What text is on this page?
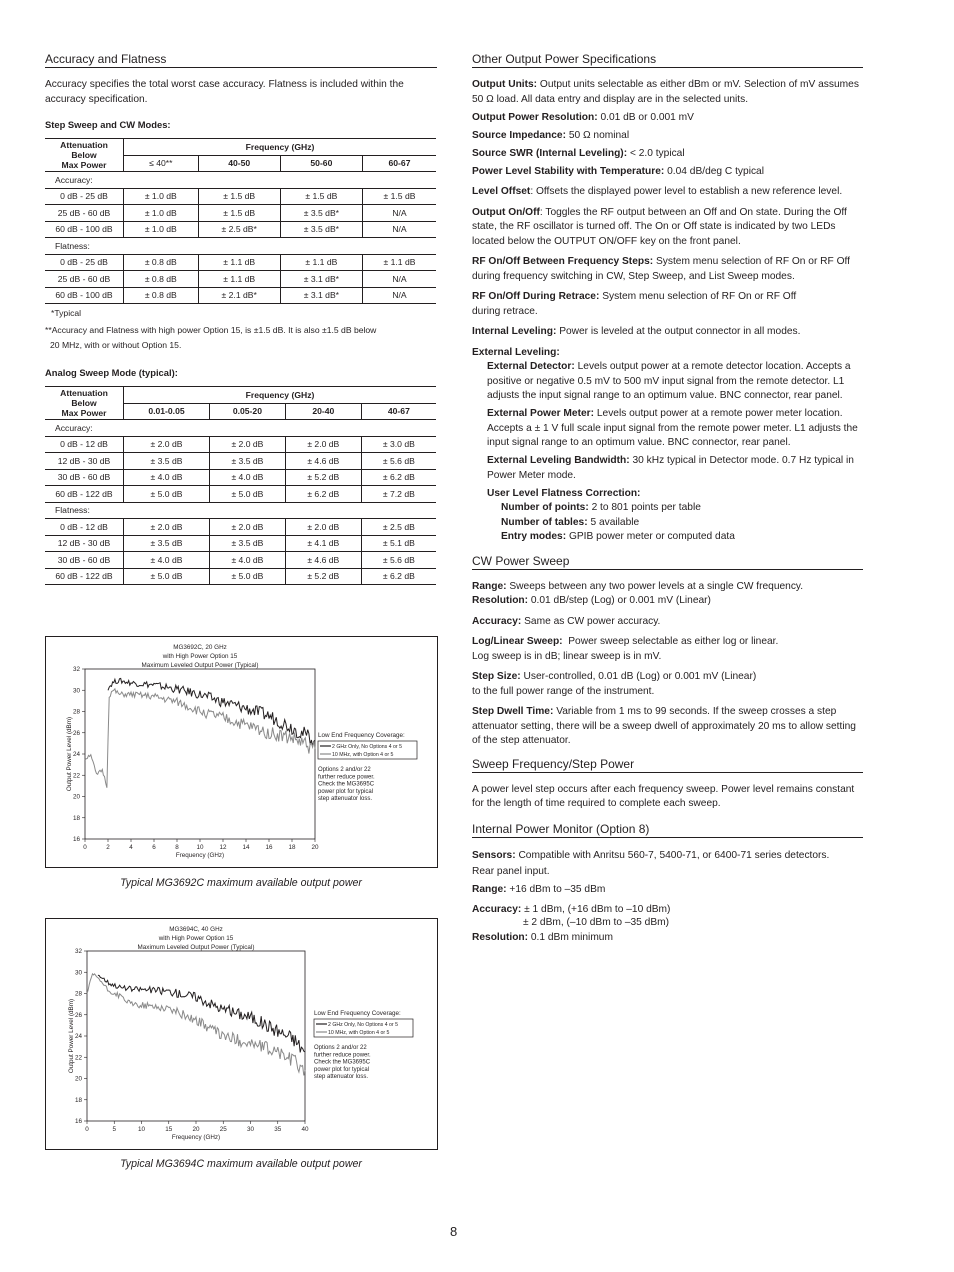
Accuracy and Flatness

Accuracy specifies the total worst case accuracy. Flatness is included within the accuracy specification.

Step Sweep and CW Modes:
Attenuation
Below
Max Power	Frequency (GHz)			
	≤ 40**	40-50	50-60	60-67
Accuracy:				
0 dB - 25 dB	± 1.0 dB	± 1.5 dB	± 1.5 dB	± 1.5 dB
25 dB - 60 dB	± 1.0 dB	± 1.5 dB	± 3.5 dB*	N/A
60 dB - 100 dB	± 1.0 dB	± 2.5 dB*	± 3.5 dB*	N/A
Flatness:				
0 dB - 25 dB	± 0.8 dB	± 1.1 dB	± 1.1 dB	± 1.1 dB
25 dB - 60 dB	± 0.8 dB	± 1.1 dB	± 3.1 dB*	N/A
60 dB - 100 dB	± 0.8 dB	± 2.1 dB*	± 3.1 dB*	N/A
*Typical
**Accuracy and Flatness with high power Option 15, is ±1.5 dB. It is also ±1.5 dB below
20 MHz, with or without Option 15.
Analog Sweep Mode (typical):
Attenuation
Below
Max Power	Frequency (GHz)			
	0.01-0.05	0.05-20	20-40	40-67
Accuracy:				
0 dB - 12 dB	± 2.0 dB	± 2.0 dB	± 2.0 dB	± 3.0 dB
12 dB - 30 dB	± 3.5 dB	± 3.5 dB	± 4.6 dB	± 5.6 dB
30 dB - 60 dB	± 4.0 dB	± 4.0 dB	± 5.2 dB	± 6.2 dB
60 dB - 122 dB	± 5.0 dB	± 5.0 dB	± 6.2 dB	± 7.2 dB
Flatness:				
0 dB - 12 dB	± 2.0 dB	± 2.0 dB	± 2.0 dB	± 2.5 dB
12 dB - 30 dB	± 3.5 dB	± 3.5 dB	± 4.1 dB	± 5.1 dB
30 dB - 60 dB	± 4.0 dB	± 4.0 dB	± 4.6 dB	± 5.6 dB
60 dB - 122 dB	± 5.0 dB	± 5.0 dB	± 5.2 dB	± 6.2 dB
MG3692C, 20 GHz
with High Power Option 15
Maximum Leveled Output Power (Typical)
32
30
28
26
24
22
20
18
16
0	2	4	6	8	10	12	14	16	18	20
Frequency (GHz)
Output Power Level (dBm)	Low End Frequency Coverage:
2 GHz Only, No Options 4 or 5
10 MHz, with Option 4 or 5
Options 2 and/or 22
further reduce power.
Check the MG3695C
power plot for typical
step attenuator loss.
Typical MG3692C maximum available output power
MG3694C, 40 GHz
with High Power Option 15
Maximum Leveled Output Power (Typical)
32
30
28
26
24
22
20
18
16
0	5	10	15	20	25	30	35	40
Frequency (GHz)
Output Power Level (dBm)	Low End Frequency Coverage:
2 GHz Only, No Options 4 or 5
10 MHz, with Option 4 or 5
Options 2 and/or 22
further reduce power.
Check the MG3695C
power plot for typical
step attenuator loss.
Typical MG3694C maximum available output power
Other Output Power Specifications

Output Units: Output units selectable as either dBm or mV. Selection of mV assumes 50 Ω load. All data entry and display are in the selected units.

Output Power Resolution: 0.01 dB or 0.001 mV

Source Impedance: 50 Ω nominal

Source SWR (Internal Leveling): < 2.0 typical

Power Level Stability with Temperature: 0.04 dB/deg C typical

Level Offset: Offsets the displayed power level to establish a new reference level.

Output On/Off: Toggles the RF output between an Off and On state. During the Off state, the RF oscillator is turned off. The On or Off state is indicated by two LEDs located below the OUTPUT ON/OFF key on the front panel.

RF On/Off Between Frequency Steps: System menu selection of RF On or RF Off during frequency switching in CW, Step Sweep, and List Sweep modes.

RF On/Off During Retrace: System menu selection of RF On or RF Off
during retrace.

Internal Leveling: Power is leveled at the output connector in all modes.

External Leveling:

External Detector: Levels output power at a remote detector location. Accepts a positive or negative 0.5 mV to 500 mV input signal from the remote detector. L1 adjusts the input signal range to an optimum value. BNC connector, rear panel.

External Power Meter: Levels output power at a remote power meter location. Accepts a ± 1 V full scale input signal from the remote power meter. L1 adjusts the input signal range to an optimum value. BNC connector, rear panel.

External Leveling Bandwidth: 30 kHz typical in Detector mode. 0.7 Hz typical in Power Meter mode.

User Level Flatness Correction:

Number of points: 2 to 801 points per table

Number of tables: 5 available

Entry modes: GPIB power meter or computed data

CW Power Sweep

Range: Sweeps between any two power levels at a single CW frequency.

Resolution: 0.01 dB/step (Log) or 0.001 mV (Linear)

Accuracy: Same as CW power accuracy.

Log/Linear Sweep: Power sweep selectable as either log or linear.
Log sweep is in dB; linear sweep is in mV.

Step Size: User-controlled, 0.01 dB (Log) or 0.001 mV (Linear)
to the full power range of the instrument.

Step Dwell Time: Variable from 1 ms to 99 seconds. If the sweep crosses a step attenuator setting, there will be a sweep dwell of approximately 20 ms to allow setting of the step attenuator.

Sweep Frequency/Step Power

A power level step occurs after each frequency sweep. Power level remains constant for the length of time required to complete each sweep.

Internal Power Monitor (Option 8)

Sensors: Compatible with Anritsu 560-7, 5400-71, or 6400-71 series detectors.
Rear panel input.

Range: +16 dBm to –35 dBm

Accuracy: ± 1 dBm, (+16 dBm to –10 dBm)
± 2 dBm, (–10 dBm to –35 dBm)

Resolution: 0.1 dBm minimum

8
